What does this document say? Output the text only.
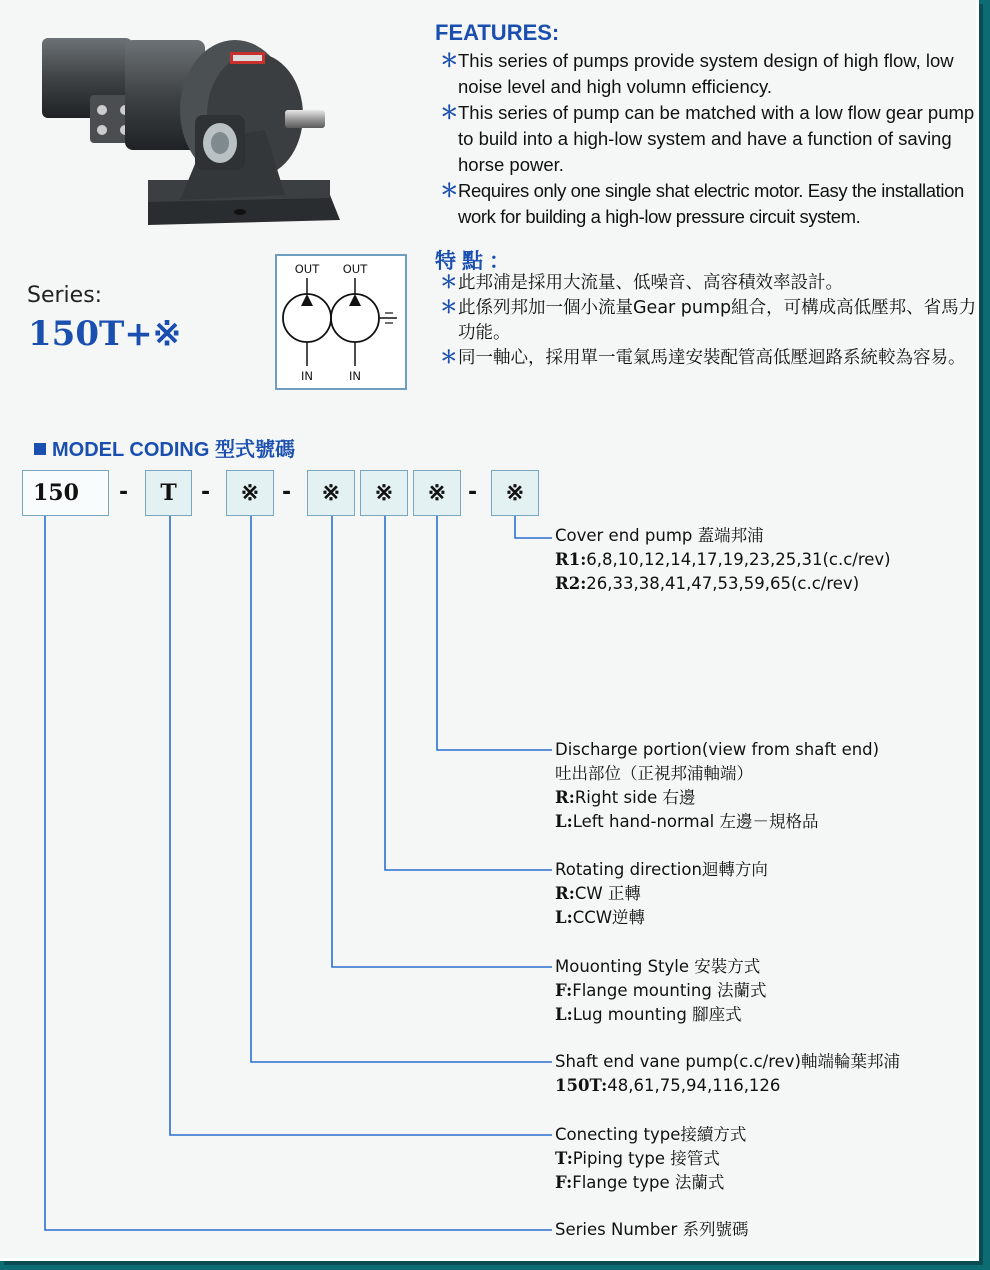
FEATURES:

＊ This series of pumps provide system design of high flow, low noise level and high volumn efficiency.

＊ This series of pump can be matched with a low flow gear pump to build into a high-low system and have a function of saving horse power.

＊ Requires only one single shat electric motor. Easy the installation work for building a high-low pressure circuit system.

特點：

＊ 此邦浦是採用大流量、低噪音、高容積效率設計。

＊ 此係列邦加一個小流量Gear pump組合，可構成高低壓邦、省馬力功能。

＊ 同一軸心，採用單一電氣馬達安裝配管高低壓迴路系統較為容易。

Series:
150T+※
OUT OUT
IN	IN
MODEL CODING 型式號碼
150	-	T	-	※	-	※	※	※ -	※
Cover end pump 蓋端邦浦
R1:6,8,10,12,14,17,19,23,25,31(c.c/rev)
R2:26,33,38,41,47,53,59,65(c.c/rev)
Discharge portion(view from shaft end)
吐出部位（正視邦浦軸端）
R:Right side 右邊
L:Left hand-normal 左邊－規格品
Rotating direction迴轉方向
R:CW 正轉
L:CCW逆轉
Mouonting Style 安裝方式
F:Flange mounting 法蘭式
L:Lug mounting 腳座式
Shaft end vane pump(c.c/rev)軸端輪葉邦浦
150T:48,61,75,94,116,126
Conecting type接續方式
T:Piping type 接管式
F:Flange type 法蘭式
Series Number 系列號碼
